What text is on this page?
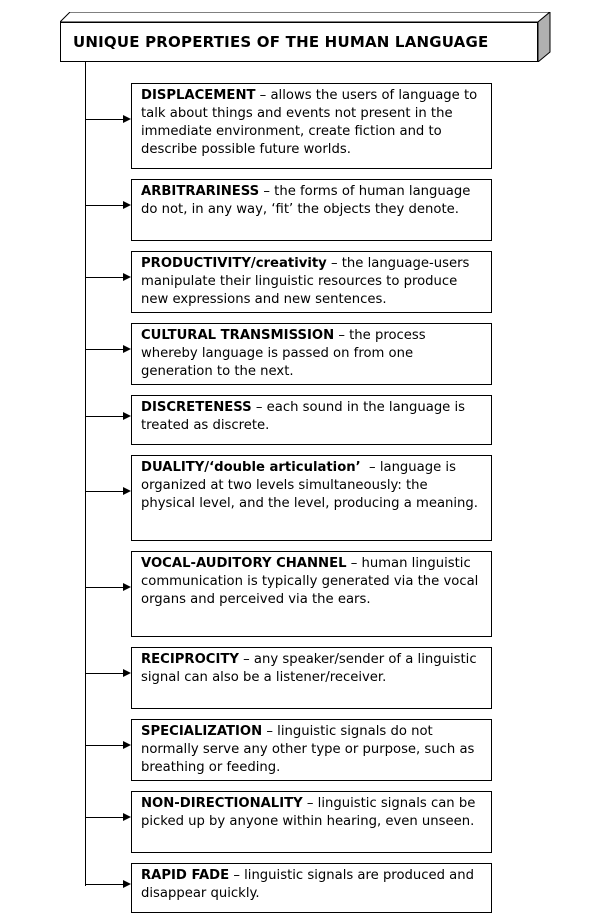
UNIQUE PROPERTIES OF THE HUMAN LANGUAGE
DISPLACEMENT – allows the users of language to talk about things and events not present in the immediate environment, create fiction and to describe possible future worlds.
ARBITRARINESS – the forms of human language do not, in any way, ‘fit’ the objects they denote.
PRODUCTIVITY/creativity – the language-users manipulate their linguistic resources to produce new expressions and new sentences.
CULTURAL TRANSMISSION – the process whereby language is passed on from one generation to the next.
DISCRETENESS – each sound in the language is treated as discrete.
DUALITY/‘double articulation’  – language is organized at two levels simultaneously: the physical level, and the level, producing a meaning.
VOCAL-AUDITORY CHANNEL – human linguistic communication is typically generated via the vocal organs and perceived via the ears.
RECIPROCITY – any speaker/sender of a linguistic signal can also be a listener/receiver.
SPECIALIZATION – linguistic signals do not normally serve any other type or purpose, such as breathing or feeding.
NON-DIRECTIONALITY – linguistic signals can be picked up by anyone within hearing, even unseen.
RAPID FADE – linguistic signals are produced and disappear quickly.
